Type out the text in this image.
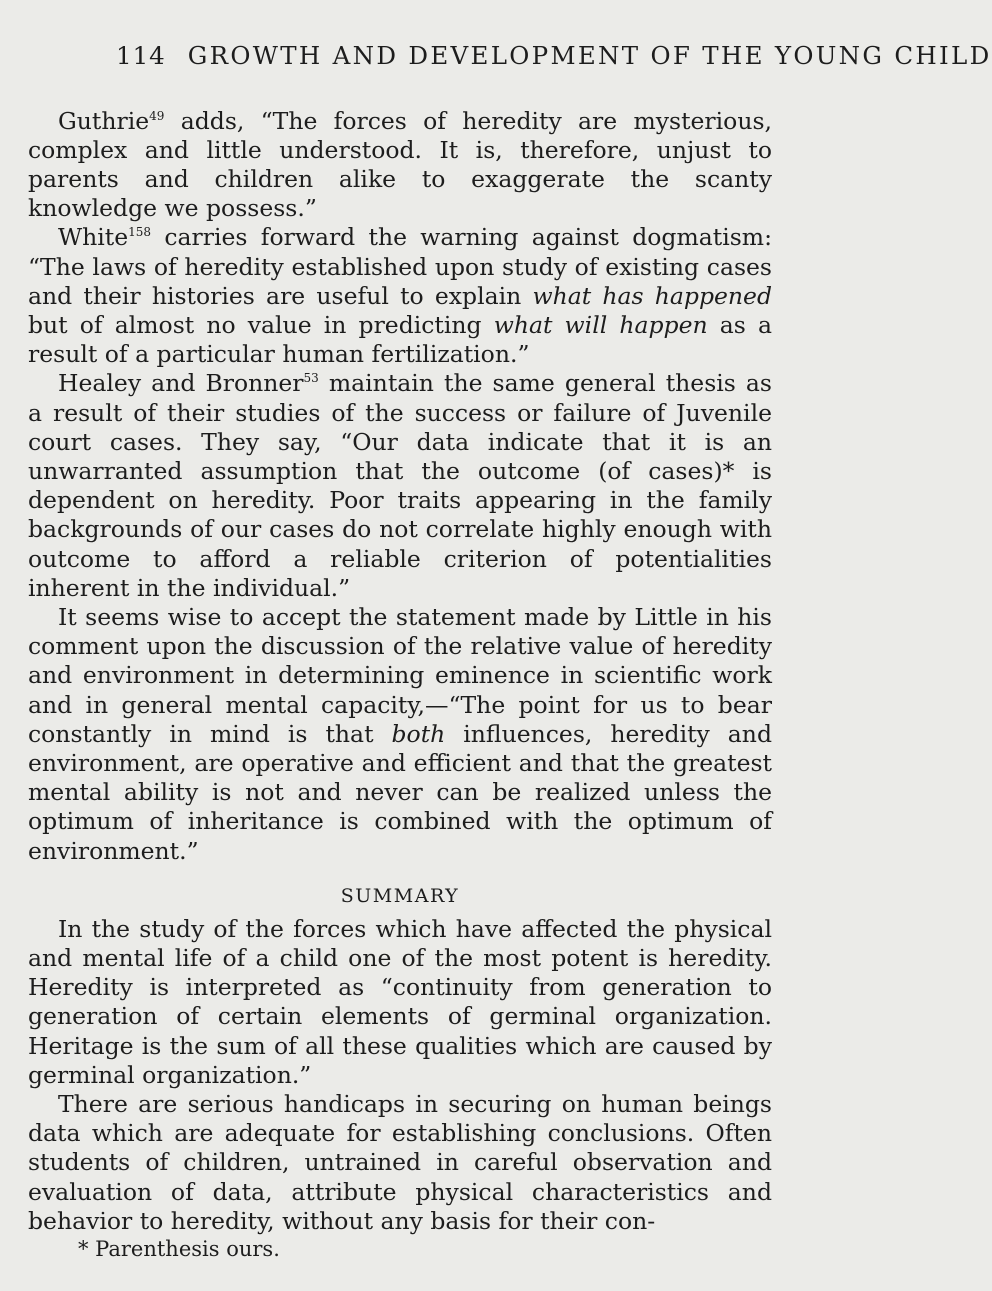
114 GROWTH AND DEVELOPMENT OF THE YOUNG CHILD

Guthrie$^{49}$ adds, “The forces of heredity are mysterious, complex and little understood. It is, therefore, unjust to parents and children alike to exaggerate the scanty knowledge we possess.”

White$^{158}$ carries forward the warning against dogmatism: “The laws of heredity established upon study of existing cases and their histories are useful to explain what has happened but of almost no value in predicting what will happen as a result of a particular human fertilization.”

Healey and Bronner$^{53}$ maintain the same general thesis as a result of their studies of the success or failure of Juvenile court cases. They say, “Our data indicate that it is an unwarranted assumption that the outcome (of cases)* is dependent on heredity. Poor traits appearing in the family backgrounds of our cases do not correlate highly enough with outcome to afford a reliable criterion of potentialities inherent in the individual.”

It seems wise to accept the statement made by Little in his comment upon the discussion of the relative value of heredity and environment in determining eminence in scientific work and in general mental capacity,—“The point for us to bear constantly in mind is that both influences, heredity and environment, are operative and efficient and that the greatest mental ability is not and never can be realized unless the optimum of inheritance is combined with the optimum of environment.”

SUMMARY

In the study of the forces which have affected the physical and mental life of a child one of the most potent is heredity. Heredity is interpreted as “continuity from generation to generation of certain elements of germinal organization. Heritage is the sum of all these qualities which are caused by germinal organization.”

There are serious handicaps in securing on human beings data which are adequate for establishing conclusions. Often students of children, untrained in careful observation and evaluation of data, attribute physical characteristics and behavior to heredity, without any basis for their con-

* Parenthesis ours.
